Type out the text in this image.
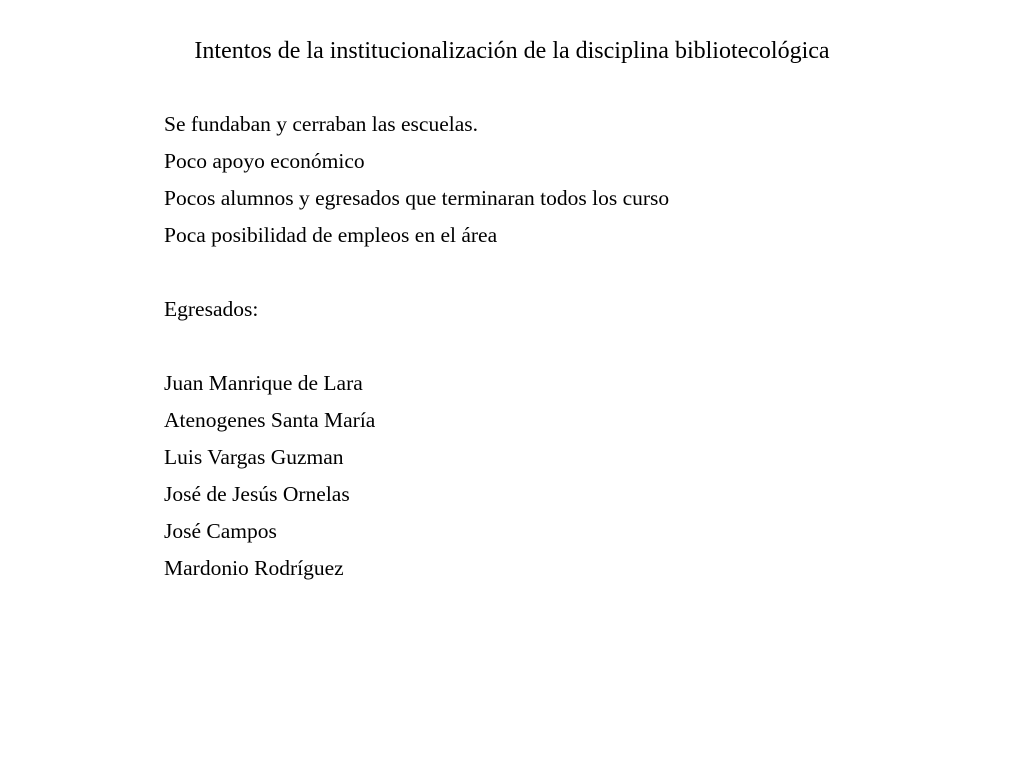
Intentos de la institucionalización de la disciplina bibliotecológica
Se fundaban y cerraban las escuelas.
Poco apoyo económico
Pocos alumnos y egresados que terminaran todos los curso
Poca posibilidad de empleos en el área
Egresados:
Juan Manrique de Lara
Atenogenes Santa María
Luis Vargas Guzman
José de Jesús Ornelas
José Campos
Mardonio Rodríguez
